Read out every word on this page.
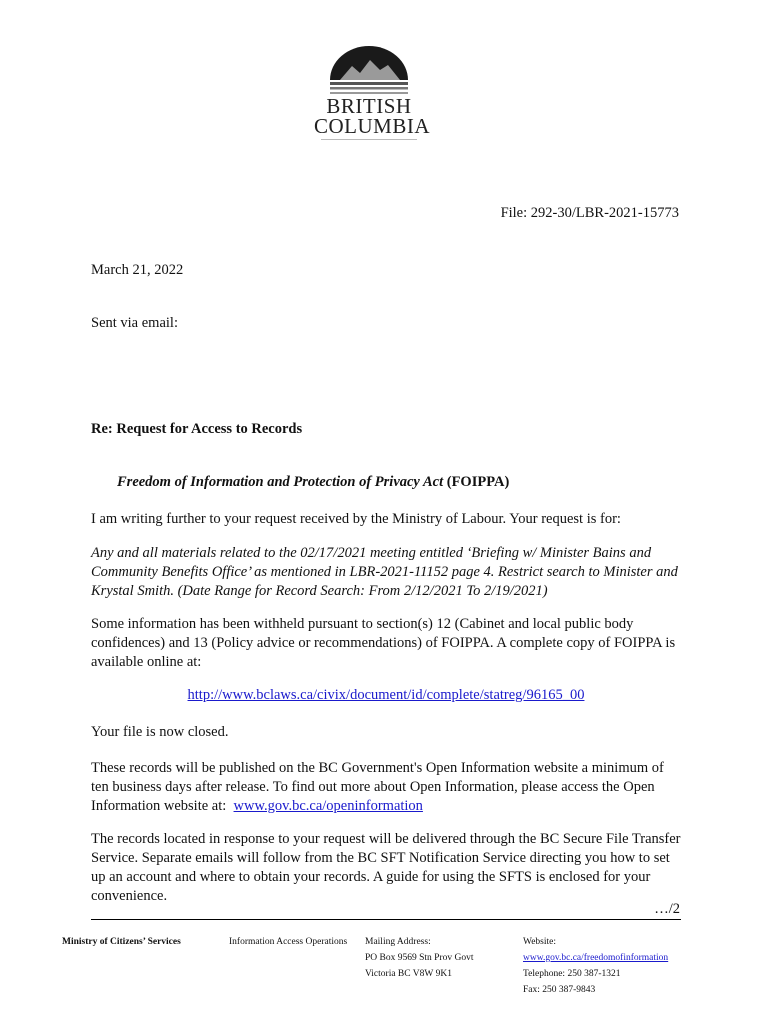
BRITISH
COLUMBIA
File: 292-30/LBR-2021-15773
March 21, 2022
Sent via email:
Re: Request for Access to Records
Freedom of Information and Protection of Privacy Act (FOIPPA)
I am writing further to your request received by the Ministry of Labour. Your request is for:
Any and all materials related to the 02/17/2021 meeting entitled ‘Briefing w/ Minister Bains and Community Benefits Office’ as mentioned in LBR-2021-11152 page 4. Restrict search to Minister and Krystal Smith. (Date Range for Record Search: From 2/12/2021 To 2/19/2021)
Some information has been withheld pursuant to section(s) 12 (Cabinet and local public body confidences) and 13 (Policy advice or recommendations) of FOIPPA. A complete copy of FOIPPA is available online at:
http://www.bclaws.ca/civix/document/id/complete/statreg/96165_00
Your file is now closed.
These records will be published on the BC Government's Open Information website a minimum of ten business days after release. To find out more about Open Information, please access the Open Information website at: www.gov.bc.ca/openinformation
The records located in response to your request will be delivered through the BC Secure File Transfer Service. Separate emails will follow from the BC SFT Notification Service directing you how to set up an account and where to obtain your records. A guide for using the SFTS is enclosed for your convenience.
…/2
Ministry of Citizens’ Services	Information Access Operations Mailing Address:
PO Box 9569 Stn Prov Govt
Victoria BC V8W 9K1
Website:
www.gov.bc.ca/freedomofinformation
Telephone: 250 387-1321
Fax: 250 387-9843
